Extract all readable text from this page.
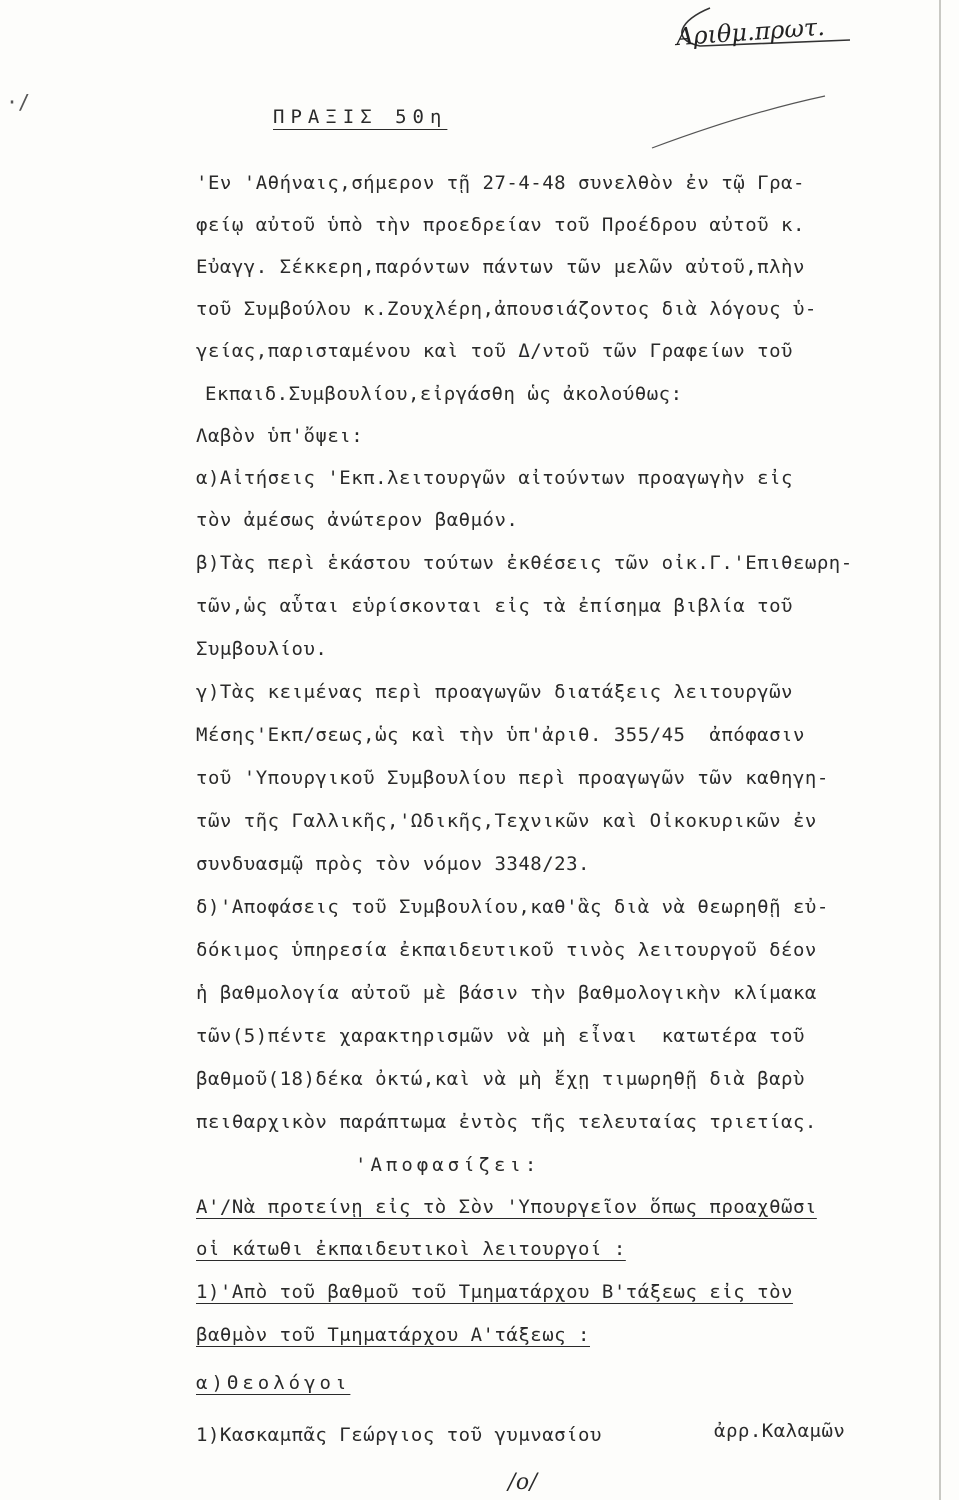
·/
Αριθμ.πρωτ.
ΠΡΑΞΙΣ 50η
'Εν 'Αθήναις,σήμερον τῇ 27-4-48 συνελθὸν ἐν τῷ Γρα-
φείῳ αὐτοῦ ὑπὸ τὴν προεδρείαν τοῦ Προέδρου αὐτοῦ κ.
Εὐαγγ. Σέκκερη,παρόντων πάντων τῶν μελῶν αὐτοῦ,πλὴν
τοῦ Συμβούλου κ.Ζουχλέρη,ἀπουσιάζοντος διὰ λόγους ὑ-
γείας,παρισταμένου καὶ τοῦ Δ/ντοῦ τῶν Γραφείων τοῦ
Εκπαιδ.Συμβουλίου,εἰργάσθη ὡς ἀκολούθως:
Λαβὸν ὑπ'ὄψει:
α)Αἰτήσεις 'Εκπ.λειτουργῶν αἰτούντων προαγωγὴν εἰς
τὸν ἀμέσως ἀνώτερον βαθμόν.
β)Τὰς περὶ ἑκάστου τούτων ἐκθέσεις τῶν οἰκ.Γ.'Επιθεωρη-
τῶν,ὡς αὗται εὑρίσκονται εἰς τὰ ἐπίσημα βιβλία τοῦ
Συμβουλίου.
γ)Τὰς κειμένας περὶ προαγωγῶν διατάξεις λειτουργῶν
Μέσης'Εκπ/σεως,ὡς καὶ τὴν ὑπ'ἀριθ. 355/45  ἀπόφασιν
τοῦ 'Υπουργικοῦ Συμβουλίου περὶ προαγωγῶν τῶν καθηγη-
τῶν τῆς Γαλλικῆς,'Ωδικῆς,Τεχνικῶν καὶ Οἰκοκυρικῶν ἐν
συνδυασμῷ πρὸς τὸν νόμον 3348/23.
δ)'Αποφάσεις τοῦ Συμβουλίου,καθ'ἃς διὰ νὰ θεωρηθῇ εὐ-
δόκιμος ὑπηρεσία ἐκπαιδευτικοῦ τινὸς λειτουργοῦ δέον
ἡ βαθμολογία αὐτοῦ μὲ βάσιν τὴν βαθμολογικὴν κλίμακα
τῶν(5)πέντε χαρακτηρισμῶν νὰ μὴ εἶναι  κατωτέρα τοῦ
βαθμοῦ(18)δέκα ὀκτώ,καὶ νὰ μὴ ἔχῃ τιμωρηθῇ διὰ βαρὺ
πειθαρχικὸν παράπτωμα ἐντὸς τῆς τελευταίας τριετίας.
'Αποφασίζει:
Α'/Νὰ προτείνῃ εἰς τὸ Σὸν 'Υπουργεῖον ὅπως προαχθῶσι
οἱ κάτωθι ἐκπαιδευτικοὶ λειτουργοί :
1)'Απὸ τοῦ βαθμοῦ τοῦ Τμηματάρχου Β'τάξεως εἰς τὸν
βαθμὸν τοῦ Τμηματάρχου Α'τάξεως :
α)Θεολόγοι
1)Κασκαμπᾶς Γεώργιος τοῦ γυμνασίου	ἀρρ.Καλαμῶν
/ο/
